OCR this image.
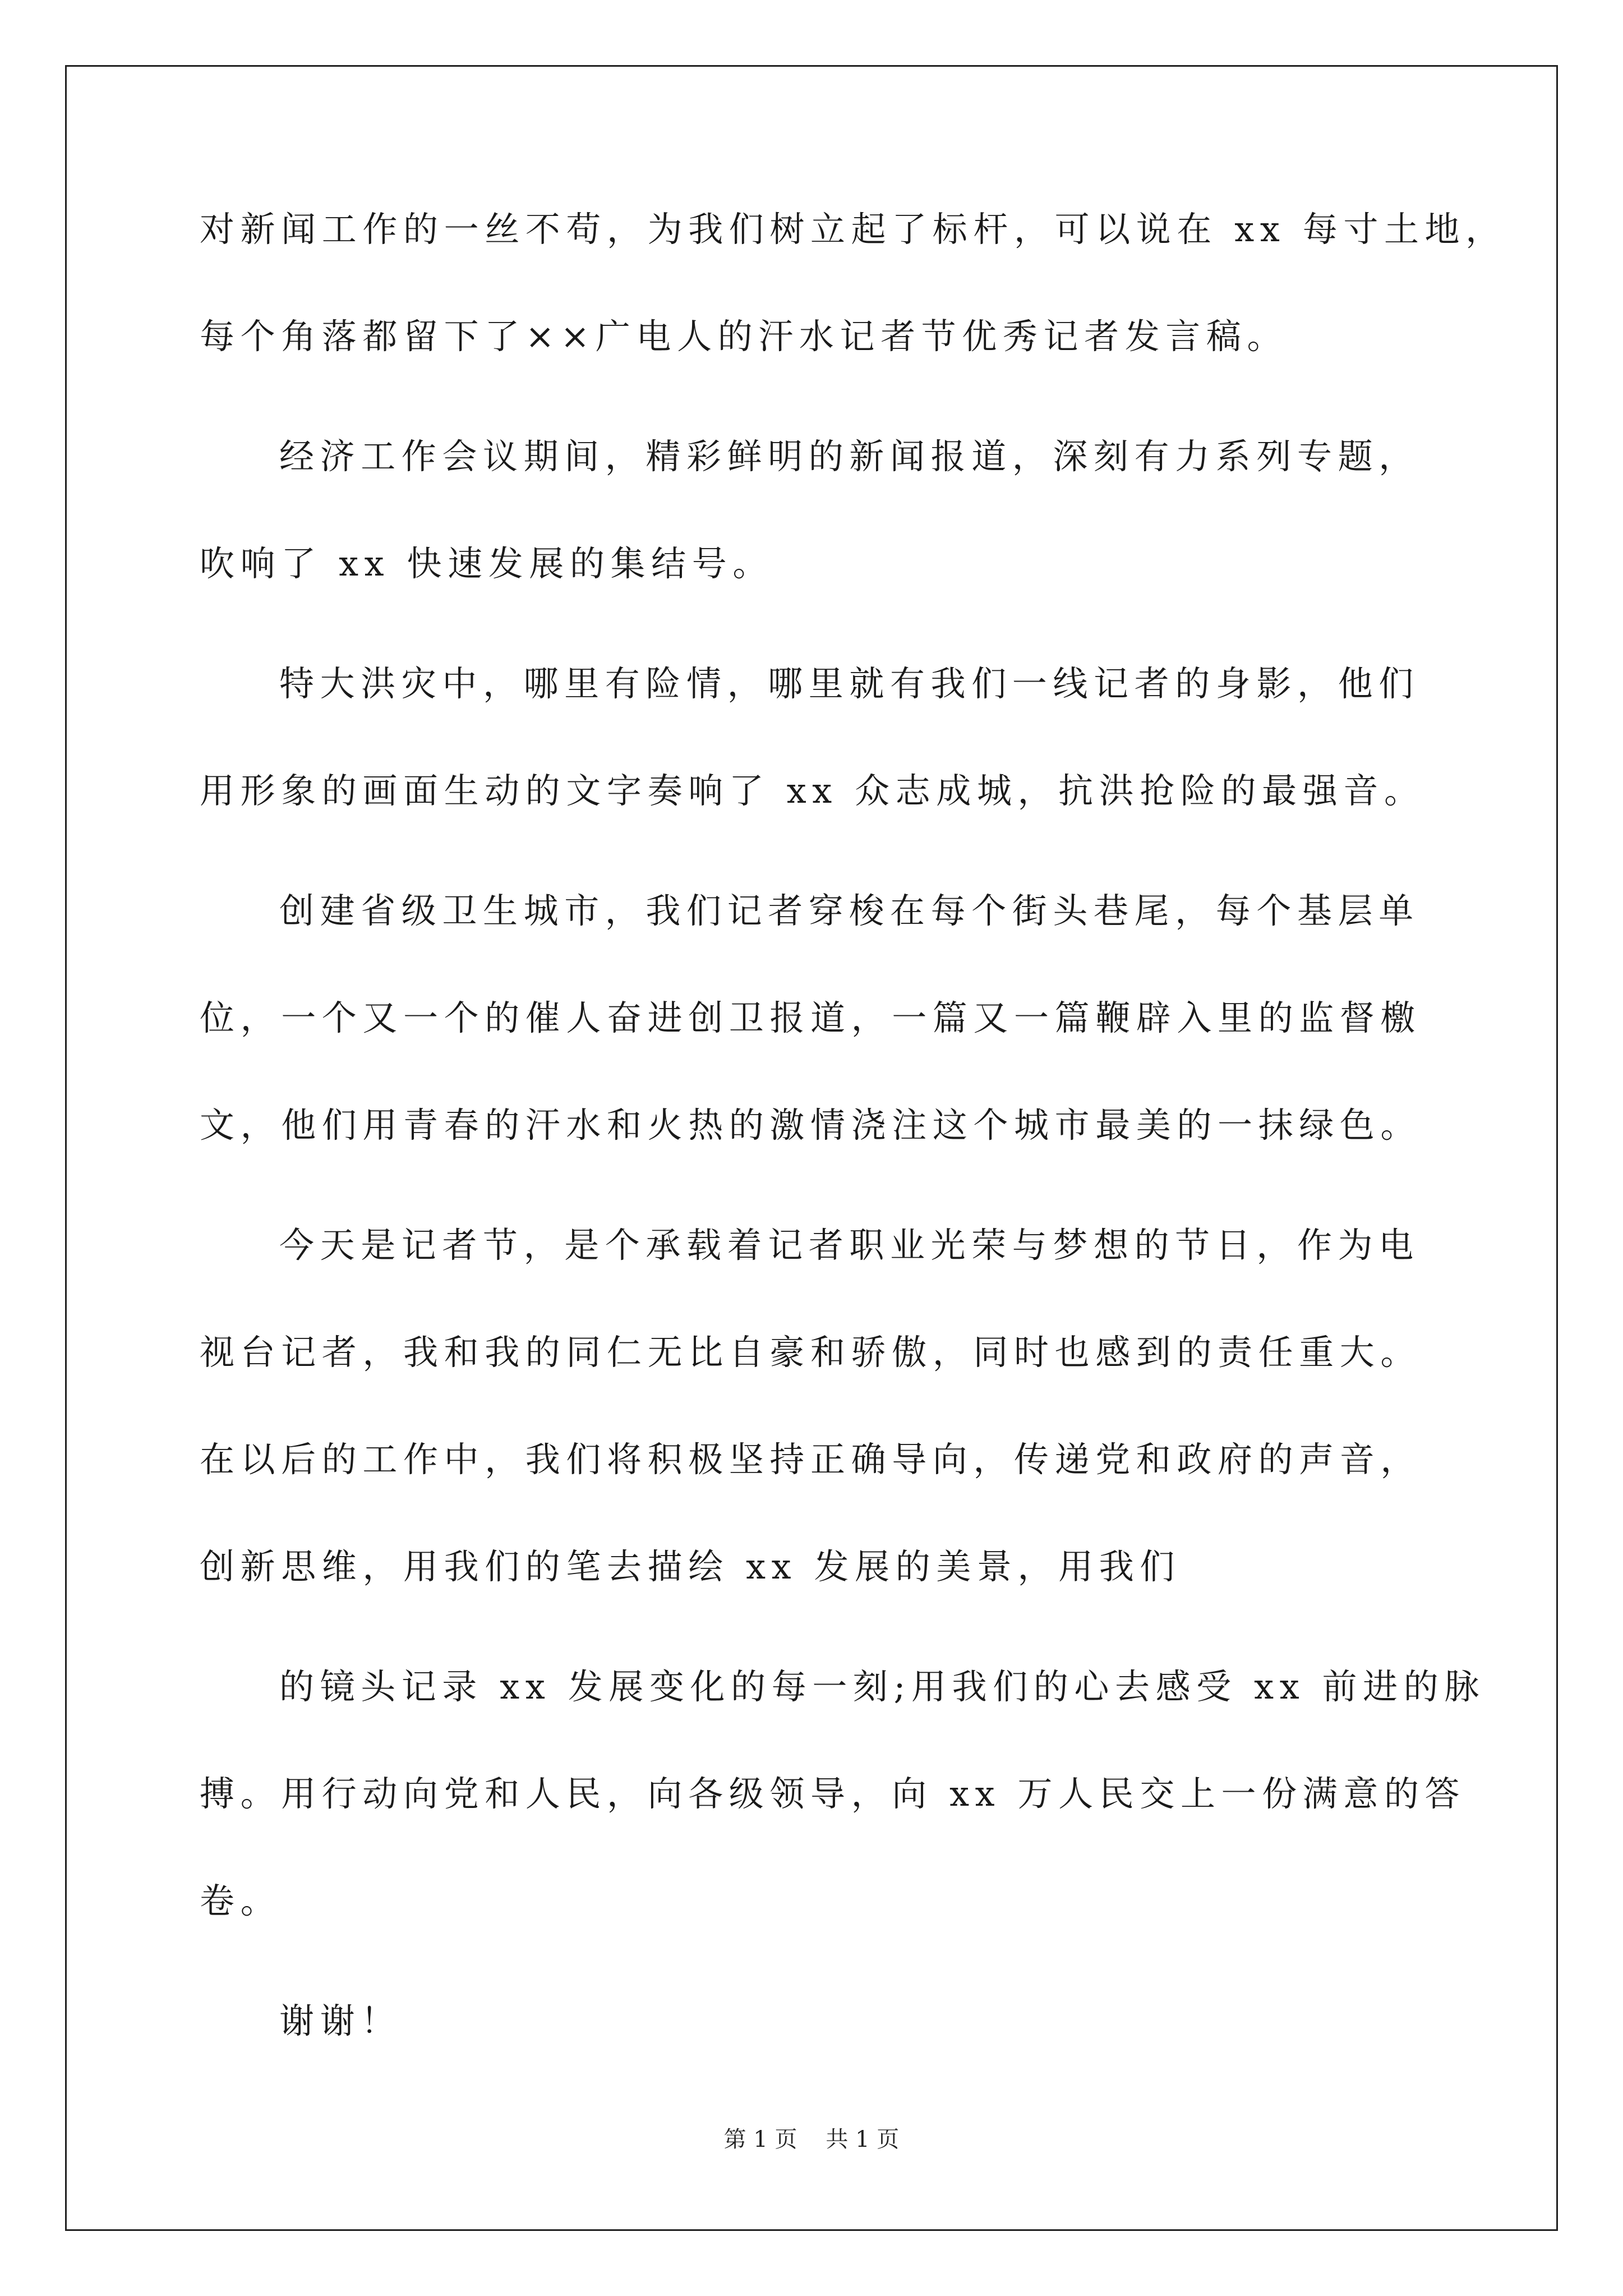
对新闻工作的一丝不苟，为我们树立起了标杆，可以说在 xx 每寸土地，
每个角落都留下了××广电人的汗水记者节优秀记者发言稿。
经济工作会议期间，精彩鲜明的新闻报道，深刻有力系列专题，
吹响了 xx 快速发展的集结号。
特大洪灾中，哪里有险情，哪里就有我们一线记者的身影，他们
用形象的画面生动的文字奏响了 xx 众志成城，抗洪抢险的最强音。
创建省级卫生城市，我们记者穿梭在每个街头巷尾，每个基层单
位，一个又一个的催人奋进创卫报道，一篇又一篇鞭辟入里的监督檄
文，他们用青春的汗水和火热的激情浇注这个城市最美的一抹绿色。
今天是记者节，是个承载着记者职业光荣与梦想的节日，作为电
视台记者，我和我的同仁无比自豪和骄傲，同时也感到的责任重大。
在以后的工作中，我们将积极坚持正确导向，传递党和政府的声音，
创新思维，用我们的笔去描绘 xx 发展的美景，用我们
的镜头记录 xx 发展变化的每一刻;用我们的心去感受 xx 前进的脉
搏。用行动向党和人民，向各级领导，向 xx 万人民交上一份满意的答
卷。
谢谢！
第 1 页 共 1 页
